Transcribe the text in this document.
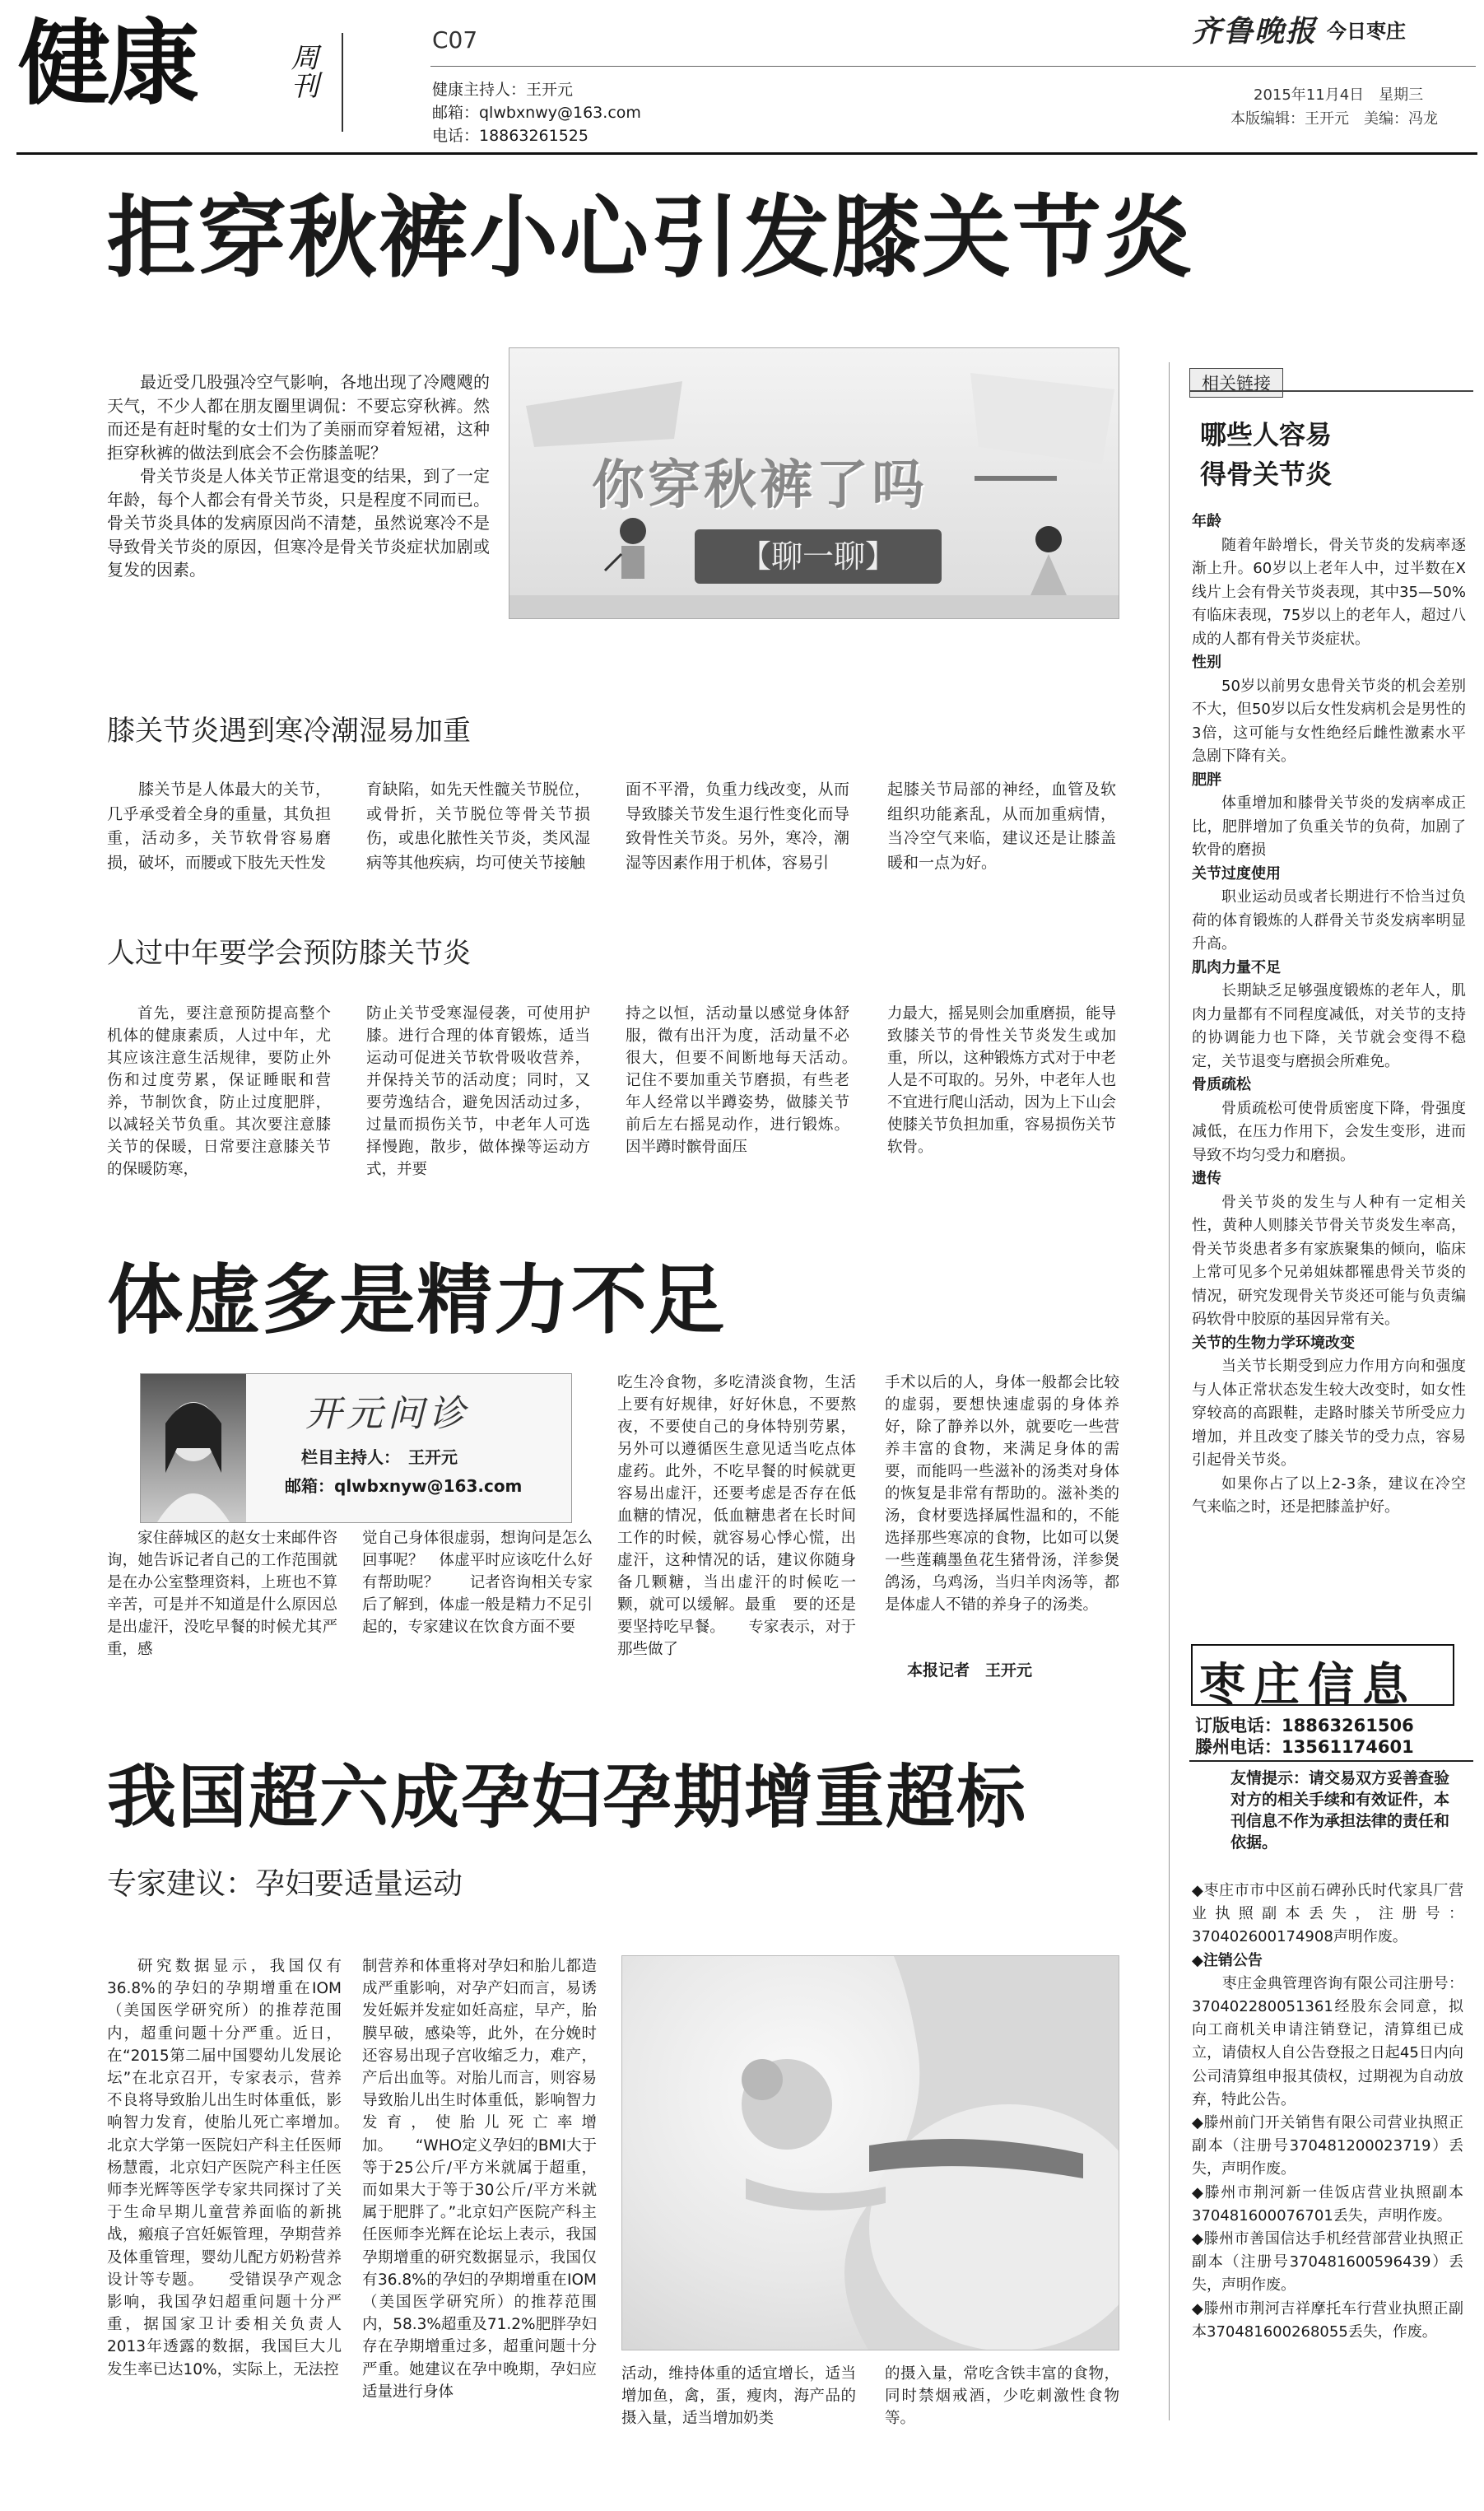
健康	周刊
C07
健康主持人：王开元
邮箱：qlwbxnwy@163.com
电话：18863261525
齐鲁晚报 今日枣庄
2015年11月4日　星期三
本版编辑：王开元　美编：冯龙
拒穿秋裤小心引发膝关节炎

最近受几股强冷空气影响，各地出现了冷飕飕的天气，不少人都在朋友圈里调侃：不要忘穿秋裤。然而还是有赶时髦的女士们为了美丽而穿着短裙，这种拒穿秋裤的做法到底会不会伤膝盖呢？

骨关节炎是人体关节正常退变的结果，到了一定年龄，每个人都会有骨关节炎，只是程度不同而已。骨关节炎具体的发病原因尚不清楚，虽然说寒冷不是导致骨关节炎的原因，但寒冷是骨关节炎症状加剧或复发的因素。

你穿秋裤了吗
【聊一聊】
膝关节炎遇到寒冷潮湿易加重

膝关节是人体最大的关节，几乎承受着全身的重量，其负担重，活动多，关节软骨容易磨损，破坏，而腰或下肢先天性发

育缺陷，如先天性髋关节脱位，或骨折，关节脱位等骨关节损伤，或患化脓性关节炎，类风湿病等其他疾病，均可使关节接触

面不平滑，负重力线改变，从而导致膝关节发生退行性变化而导致骨性关节炎。另外，寒冷，潮湿等因素作用于机体，容易引

起膝关节局部的神经，血管及软组织功能紊乱，从而加重病情，当冷空气来临，建议还是让膝盖暖和一点为好。

人过中年要学会预防膝关节炎

首先，要注意预防提高整个机体的健康素质，人过中年，尤其应该注意生活规律，要防止外伤和过度劳累，保证睡眠和营养，节制饮食，防止过度肥胖，以减轻关节负重。其次要注意膝关节的保暖，日常要注意膝关节的保暖防寒，

防止关节受寒湿侵袭，可使用护膝。进行合理的体育锻炼，适当运动可促进关节软骨吸收营养，并保持关节的活动度；同时，又要劳逸结合，避免因活动过多，过量而损伤关节，中老年人可选择慢跑，散步，做体操等运动方式，并要

持之以恒，活动量以感觉身体舒服，微有出汗为度，活动量不必很大，但要不间断地每天活动。　　记住不要加重关节磨损，有些老年人经常以半蹲姿势，做膝关节前后左右摇晃动作，进行锻炼。因半蹲时髌骨面压

力最大，摇晃则会加重磨损，能导致膝关节的骨性关节炎发生或加重，所以，这种锻炼方式对于中老人是不可取的。另外，中老年人也不宜进行爬山活动，因为上下山会使膝关节负担加重，容易损伤关节软骨。

相关链接
哪些人容易
得骨关节炎

年龄

随着年龄增长，骨关节炎的发病率逐渐上升。60岁以上老年人中，过半数在X线片上会有骨关节炎表现，其中35—50%　有临床表现，75岁以上的老年人，超过八成的人都有骨关节炎症状。

性别

50岁以前男女患骨关节炎的机会差别不大，但50岁以后女性发病机会是男性的3倍，这可能与女性绝经后雌性激素水平急剧下降有关。

肥胖

体重增加和膝骨关节炎的发病率成正比，肥胖增加了负重关节的负荷，加剧了软骨的磨损

关节过度使用

职业运动员或者长期进行不恰当过负荷的体育锻炼的人群骨关节炎发病率明显升高。

肌肉力量不足

长期缺乏足够强度锻炼的老年人，肌肉力量都有不同程度减低，对关节的支持的协调能力也下降，关节就会变得不稳定，关节退变与磨损会所难免。

骨质疏松

骨质疏松可使骨质密度下降，骨强度减低，在压力作用下，会发生变形，进而导致不均匀受力和磨损。

遗传

骨关节炎的发生与人种有一定相关性，黄种人则膝关节骨关节炎发生率高，骨关节炎患者多有家族聚集的倾向，临床上常可见多个兄弟姐妹都罹患骨关节炎的情况，研究发现骨关节炎还可能与负责编码软骨中胶原的基因异常有关。

关节的生物力学环境改变

当关节长期受到应力作用方向和强度与人体正常状态发生较大改变时，如女性穿较高的高跟鞋，走路时膝关节所受应力增加，并且改变了膝关节的受力点，容易引起骨关节炎。

如果你占了以上2-3条，建议在冷空气来临之时，还是把膝盖护好。

体虚多是精力不足
开元问诊
栏目主持人：　王开元
邮箱：qlwbxnyw@163.com

家住薛城区的赵女士来邮件咨询，她告诉记者自己的工作范围就是在办公室整理资料，上班也不算辛苦，可是并不知道是什么原因总是出虚汗，没吃早餐的时候尤其严重，感

觉自己身体很虚弱，想询问是怎么回事呢？　体虚平时应该吃什么好有帮助呢？　　记者咨询相关专家后了解到，体虚一般是精力不足引起的，专家建议在饮食方面不要

吃生冷食物，多吃清淡食物，生活上要有好规律，好好休息，不要熬夜，不要使自己的身体特别劳累，另外可以遵循医生意见适当吃点体虚药。此外，不吃早餐的时候就更容易出虚汗，还要考虑是否存在低血糖的情况，低血糖患者在长时间工作的时候，就容易心悸心慌，出虚汗，这种情况的话，建议你随身备几颗糖，当出虚汗的时候吃一颗，就可以缓解。最重　要的还是要坚持吃早餐。　　专家表示，对于那些做了

手术以后的人，身体一般都会比较的虚弱，要想快速虚弱的身体养好，除了静养以外，就要吃一些营养丰富的食物，来满足身体的需要，而能吗一些滋补的汤类对身体的恢复是非常有帮助的。滋补类的汤，食材要选择属性温和的，不能选择那些寒凉的食物，比如可以煲一些莲藕墨鱼花生猪骨汤，洋参煲鸽汤，乌鸡汤，当归羊肉汤等，都是体虚人不错的养身子的汤类。

本报记者　王开元	枣庄信息
订版电话：18863261506
滕州电话：13561174601
友情提示：请交易双方妥善查验对方的相关手续和有效证件，本刊信息不作为承担法律的责任和依据。

◆枣庄市市中区前石碑孙氏时代家具厂营业执照副本丢失，注册号：370402600174908声明作废。

◆注销公告

　　枣庄金典管理咨询有限公司注册号：370402280051361经股东会同意，拟向工商机关申请注销登记，清算组已成立，请债权人自公告登报之日起45日内向公司清算组申报其债权，过期视为自动放弃，特此公告。

◆滕州前门开关销售有限公司营业执照正副本（注册号370481200023719）丢失，声明作废。

◆滕州市荆河新一佳饭店营业执照副本370481600076701丢失，声明作废。

◆滕州市善国信达手机经营部营业执照正副本（注册号370481600596439）丢失，声明作废。

◆滕州市荆河吉祥摩托车行营业执照正副本370481600268055丢失，作废。

我国超六成孕妇孕期增重超标
专家建议：孕妇要适量运动

研究数据显示，我国仅有36.8%的孕妇的孕期增重在IOM（美国医学研究所）的推荐范围内，超重问题十分严重。近日，在“2015第二届中国婴幼儿发展论坛”在北京召开，专家表示，营养不良将导致胎儿出生时体重低，影响智力发育，使胎儿死亡率增加。　　北京大学第一医院妇产科主任医师杨慧霞，北京妇产医院产科主任医师李光辉等医学专家共同探讨了关于生命早期儿童营养面临的新挑战，瘢痕子宫妊娠管理，孕期营养及体重管理，婴幼儿配方奶粉营养设计等专题。　　受错误孕产观念影响，我国孕妇超重问题十分严重，据国家卫计委相关负责人2013年透露的数据，我国巨大儿发生率已达10%，实际上，无法控

制营养和体重将对孕妇和胎儿都造成严重影响，对孕产妇而言，易诱发妊娠并发症如妊高症，早产，胎膜早破，感染等，此外，在分娩时还容易出现子宫收缩乏力，难产，产后出血等。对胎儿而言，则容易导致胎儿出生时体重低，影响智力发育，使胎儿死亡率增加。　　“WHO定义孕妇的BMI大于等于25公斤/平方米就属于超重，而如果大于等于30公斤/平方米就属于肥胖了。”北京妇产医院产科主任医师李光辉在论坛上表示，我国孕期增重的研究数据显示，我国仅有36.8%的孕妇的孕期增重在IOM（美国医学研究所）的推荐范围内，58.3%超重及71.2%肥胖孕妇存在孕期增重过多，超重问题十分严重。她建议在孕中晚期，孕妇应适量进行身体

活动，维持体重的适宜增长，适当增加鱼，禽，蛋，瘦肉，海产品的摄入量，适当增加奶类

的摄入量，常吃含铁丰富的食物，同时禁烟戒酒，少吃刺激性食物等。
